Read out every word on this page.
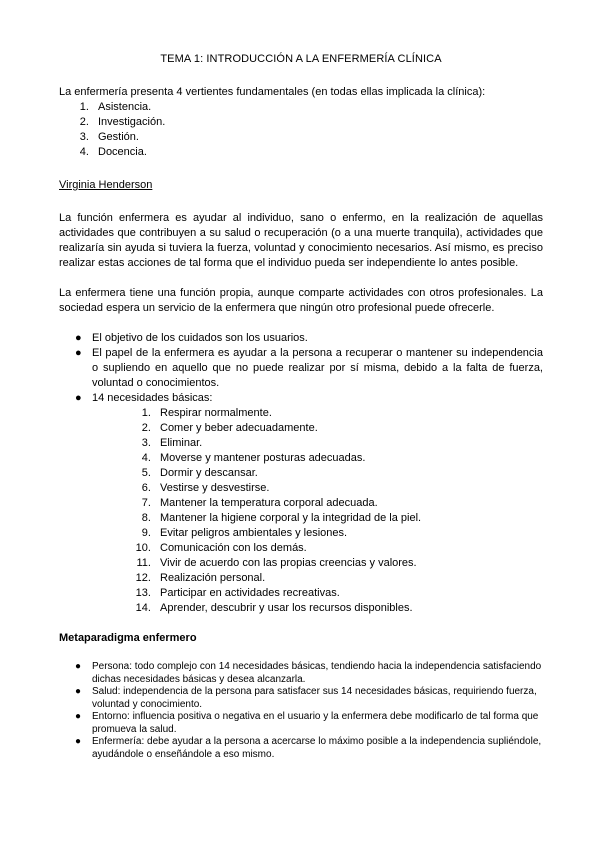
TEMA 1: INTRODUCCIÓN A LA ENFERMERÍA CLÍNICA

La enfermería presenta 4 vertientes fundamentales (en todas ellas implicada la clínica):

1. Asistencia.
2. Investigación.
3. Gestión.
4. Docencia.

Virginia Henderson

La función enfermera es ayudar al individuo, sano o enfermo, en la realización de aquellas actividades que contribuyen a su salud o recuperación (o a una muerte tranquila), actividades que realizaría sin ayuda si tuviera la fuerza, voluntad y conocimiento necesarios. Así mismo, es preciso realizar estas acciones de tal forma que el individuo pueda ser independiente lo antes posible.

La enfermera tiene una función propia, aunque comparte actividades con otros profesionales. La sociedad espera un servicio de la enfermera que ningún otro profesional puede ofrecerle.

● El objetivo de los cuidados son los usuarios.
● El papel de la enfermera es ayudar a la persona a recuperar o mantener su independencia o supliendo en aquello que no puede realizar por sí misma, debido a la falta de fuerza, voluntad o conocimientos.
● 14 necesidades básicas:
1. Respirar normalmente.
2. Comer y beber adecuadamente.
3. Eliminar.
4. Moverse y mantener posturas adecuadas.
5. Dormir y descansar.
6. Vestirse y desvestirse.
7. Mantener la temperatura corporal adecuada.
8. Mantener la higiene corporal y la integridad de la piel.
9. Evitar peligros ambientales y lesiones.
10. Comunicación con los demás.
11. Vivir de acuerdo con las propias creencias y valores.
12. Realización personal.
13. Participar en actividades recreativas.
14. Aprender, descubrir y usar los recursos disponibles.

Metaparadigma enfermero

● Persona: todo complejo con 14 necesidades básicas, tendiendo hacia la independencia satisfaciendo dichas necesidades básicas y desea alcanzarla.
● Salud: independencia de la persona para satisfacer sus 14 necesidades básicas, requiriendo fuerza, voluntad y conocimiento.
● Entorno: influencia positiva o negativa en el usuario y la enfermera debe modificarlo de tal forma que promueva la salud.
● Enfermería: debe ayudar a la persona a acercarse lo máximo posible a la independencia supliéndole, ayudándole o enseñándole a eso mismo.
